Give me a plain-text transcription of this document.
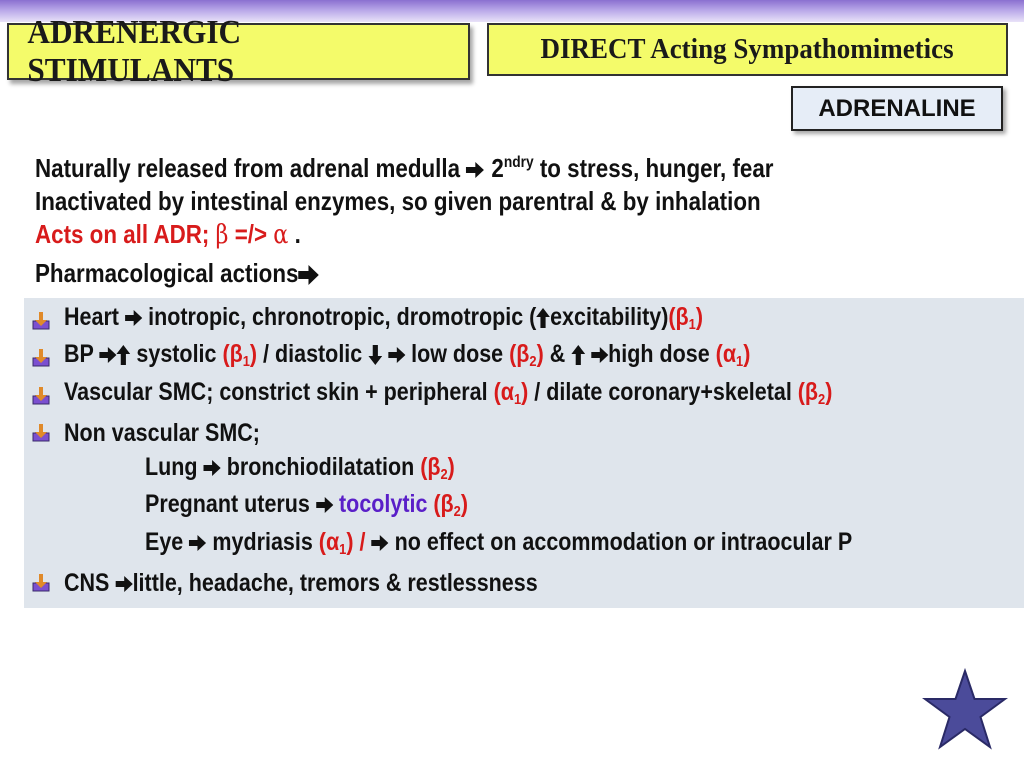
ADRENERGIC STIMULANTS
DIRECT Acting Sympathomimetics
ADRENALINE
Naturally released from adrenal medulla $2^{ndry}$ to stress, hunger, fear
Inactivated by intestinal enzymes, so given parentral & by inhalation
Acts on all ADR; β =/> α .
Pharmacological actions
Heart inotropic, chronotropic, dromotropic ( $excitability)(\beta_1)$
BP systolic $(\beta_1)$ / diastolic low dose $(\beta_2)$ & high dose $(\alpha_1)$
Vascular SMC; constrict skin + peripheral $(\alpha_1)$ / dilate coronary+skeletal $(\beta_2)$
Non vascular SMC;
Lung bronchiodilatation $(\beta_2)$
Pregnant uterus tocolytic $(\beta_2)$
Eye mydriasis $(\alpha_1)$ / no effect on accommodation or intraocular P
CNS little, headache, tremors & restlessness
